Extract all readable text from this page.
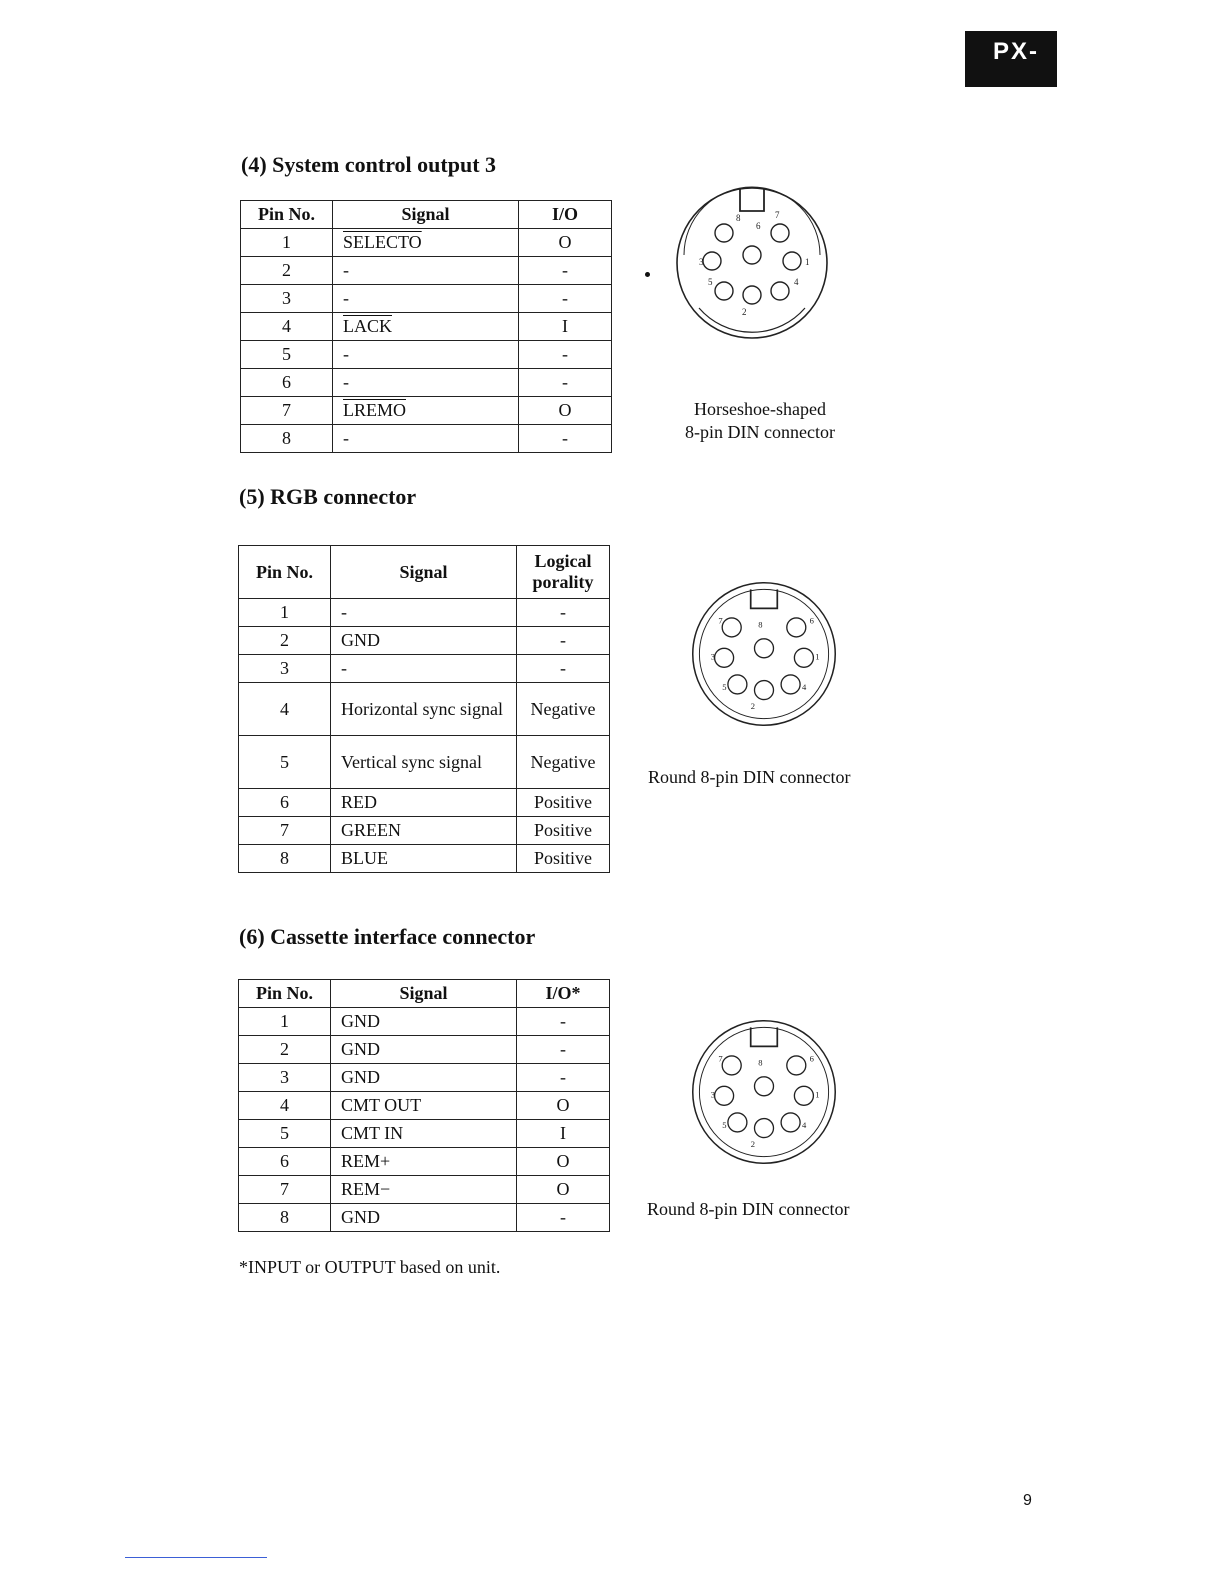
PX-
(4) System control output 3
Pin No.	Signal	I/O
1	SELECTO	O
2	-	-
3	-	-
4	LACK	I
5	-	-
6	-	-
7	LREMO	O
8	-	-
8	7
6
3	1
5	4
2
Horseshoe-shaped
8-pin DIN connector
(5) RGB connector
Pin No.	Signal	Logical porality
1	-	-
2	GND	-
3	-	-
4	Horizontal sync signal	Negative
5	Vertical sync signal	Negative
6	RED	Positive
7	GREEN	Positive
8	BLUE	Positive
7	8	6
3	1
5	4
2
Round 8-pin DIN connector
(6) Cassette interface connector
Pin No.	Signal	I/O*
1	GND	-
2	GND	-
3	GND	-
4	CMT OUT	O
5	CMT IN	I
6	REM+	O
7	REM−	O
8	GND	-
7	8	6
3	1
5	4
2
Round 8-pin DIN connector
*INPUT or OUTPUT based on unit.
9
